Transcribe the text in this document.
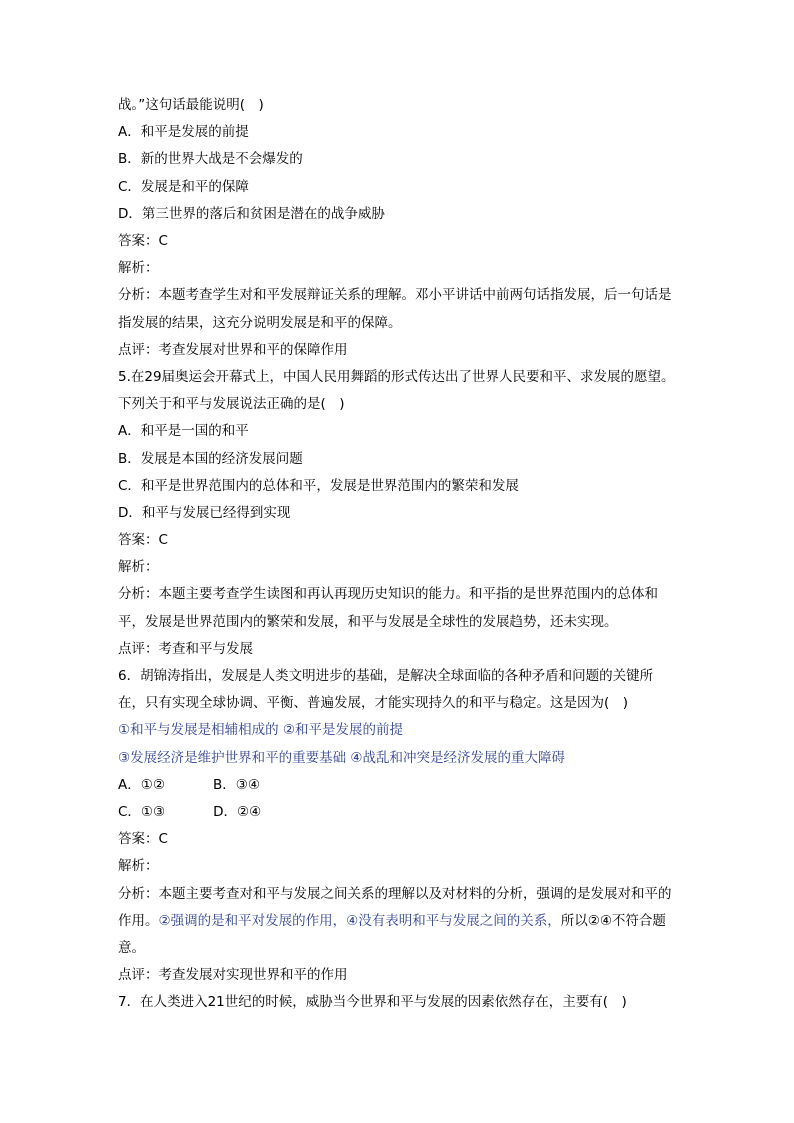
战。”这句话最能说明(　)
A．和平是发展的前提
B．新的世界大战是不会爆发的
C．发展是和平的保障
D．第三世界的落后和贫困是潜在的战争威胁
答案：C
解析：
分析：本题考查学生对和平发展辩证关系的理解。邓小平讲话中前两句话指发展，后一句话是指发展的结果，这充分说明发展是和平的保障。
点评：考查发展对世界和平的保障作用
5.在29届奥运会开幕式上，中国人民用舞蹈的形式传达出了世界人民要和平、求发展的愿望。下列关于和平与发展说法正确的是(　)
A．和平是一国的和平
B．发展是本国的经济发展问题
C．和平是世界范围内的总体和平，发展是世界范围内的繁荣和发展
D．和平与发展已经得到实现
答案：C
解析：
分析：本题主要考查学生读图和再认再现历史知识的能力。和平指的是世界范围内的总体和平，发展是世界范围内的繁荣和发展，和平与发展是全球性的发展趋势，还未实现。
点评：考查和平与发展
6．胡锦涛指出，发展是人类文明进步的基础，是解决全球面临的各种矛盾和问题的关键所在，只有实现全球协调、平衡、普遍发展，才能实现持久的和平与稳定。这是因为(　)
①和平与发展是相辅相成的 ②和平是发展的前提
③发展经济是维护世界和平的重要基础 ④战乱和冲突是经济发展的重大障碍
A．①②	B．③④
C．①③	D．②④
答案：C
解析：
分析：本题主要考查对和平与发展之间关系的理解以及对材料的分析，强调的是发展对和平的作用。②强调的是和平对发展的作用，④没有表明和平与发展之间的关系，所以②④不符合题意。
点评：考查发展对实现世界和平的作用
7．在人类进入21世纪的时候，威胁当今世界和平与发展的因素依然存在，主要有(　)
